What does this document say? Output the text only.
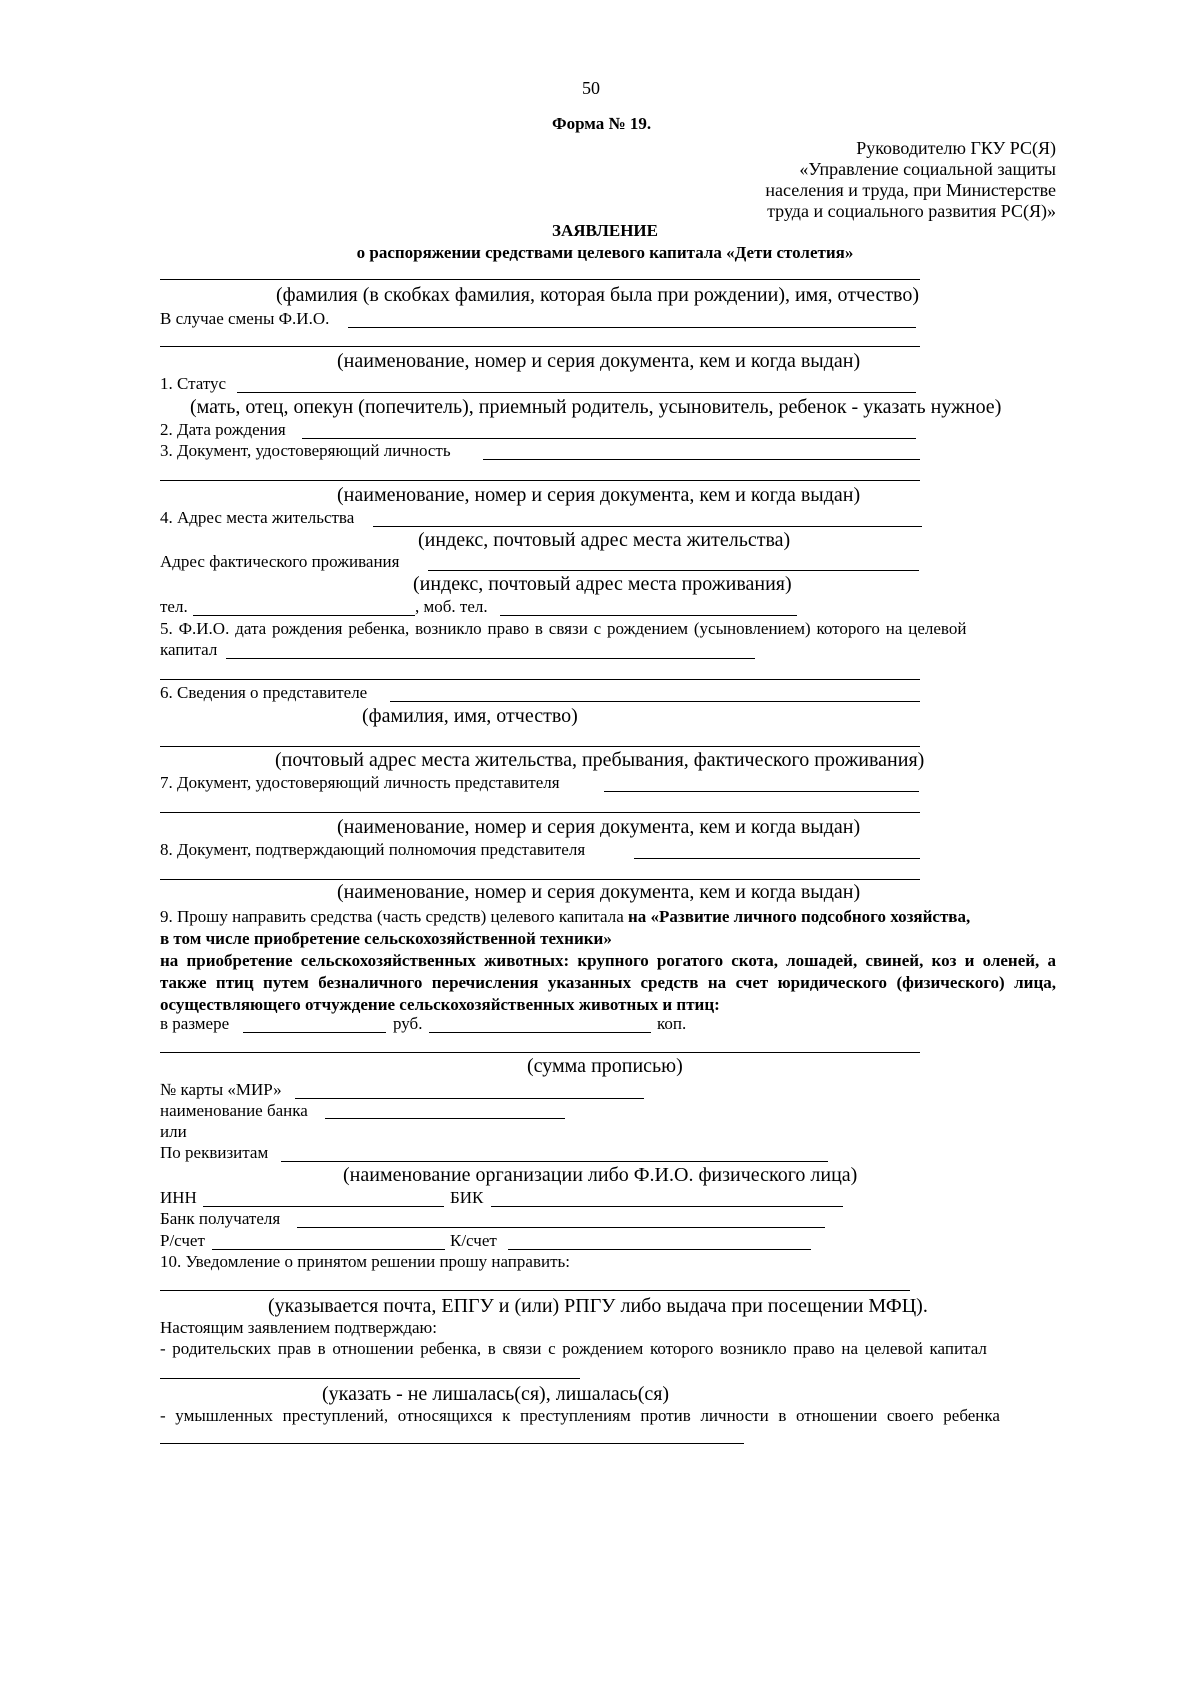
50
Форма № 19.
Руководителю ГКУ РС(Я)
«Управление социальной защиты
населения и труда, при Министерстве
труда и социального развития РС(Я)»
ЗАЯВЛЕНИЕ
о распоряжении средствами целевого капитала «Дети столетия»
(фамилия (в скобках фамилия, которая была при рождении), имя, отчество)
В случае смены Ф.И.О.
(наименование, номер и серия документа, кем и когда выдан)
1. Статус
(мать, отец, опекун (попечитель), приемный родитель, усыновитель, ребенок - указать нужное)
2. Дата рождения
3. Документ, удостоверяющий личность
(наименование, номер и серия документа, кем и когда выдан)
4. Адрес места жительства
(индекс, почтовый адрес места жительства)
Адрес фактического проживания
(индекс, почтовый адрес места проживания)
тел.	, моб. тел.
5. Ф.И.О. дата рождения ребенка, возникло право в связи с рождением (усыновлением) которого на целевой
капитал
6. Сведения о представителе
(фамилия, имя, отчество)
(почтовый адрес места жительства, пребывания, фактического проживания)
7. Документ, удостоверяющий личность представителя
(наименование, номер и серия документа, кем и когда выдан)
8. Документ, подтверждающий полномочия представителя
(наименование, номер и серия документа, кем и когда выдан)
9. Прошу направить средства (часть средств) целевого капитала на «Развитие личного подсобного хозяйства,
в том числе приобретение сельскохозяйственной техники»
на приобретение сельскохозяйственных животных: крупного рогатого скота, лошадей, свиней, коз и оленей, а также птиц путем безналичного перечисления указанных средств на счет юридического (физического) лица, осуществляющего отчуждение сельскохозяйственных животных и птиц:
в размере	руб.	коп.
(сумма прописью)
№ карты «МИР»
наименование банка
или
По реквизитам
(наименование организации либо Ф.И.О. физического лица)
ИНН	БИК
Банк получателя
Р/счет	К/счет
10. Уведомление о принятом решении прошу направить:
(указывается почта, ЕПГУ и (или) РПГУ либо выдача при посещении МФЦ).
Настоящим заявлением подтверждаю:
- родительских прав в отношении ребенка, в связи с рождением которого возникло право на целевой капитал
(указать - не лишалась(ся), лишалась(ся)
- умышленных преступлений, относящихся к преступлениям против личности в отношении своего ребенка
